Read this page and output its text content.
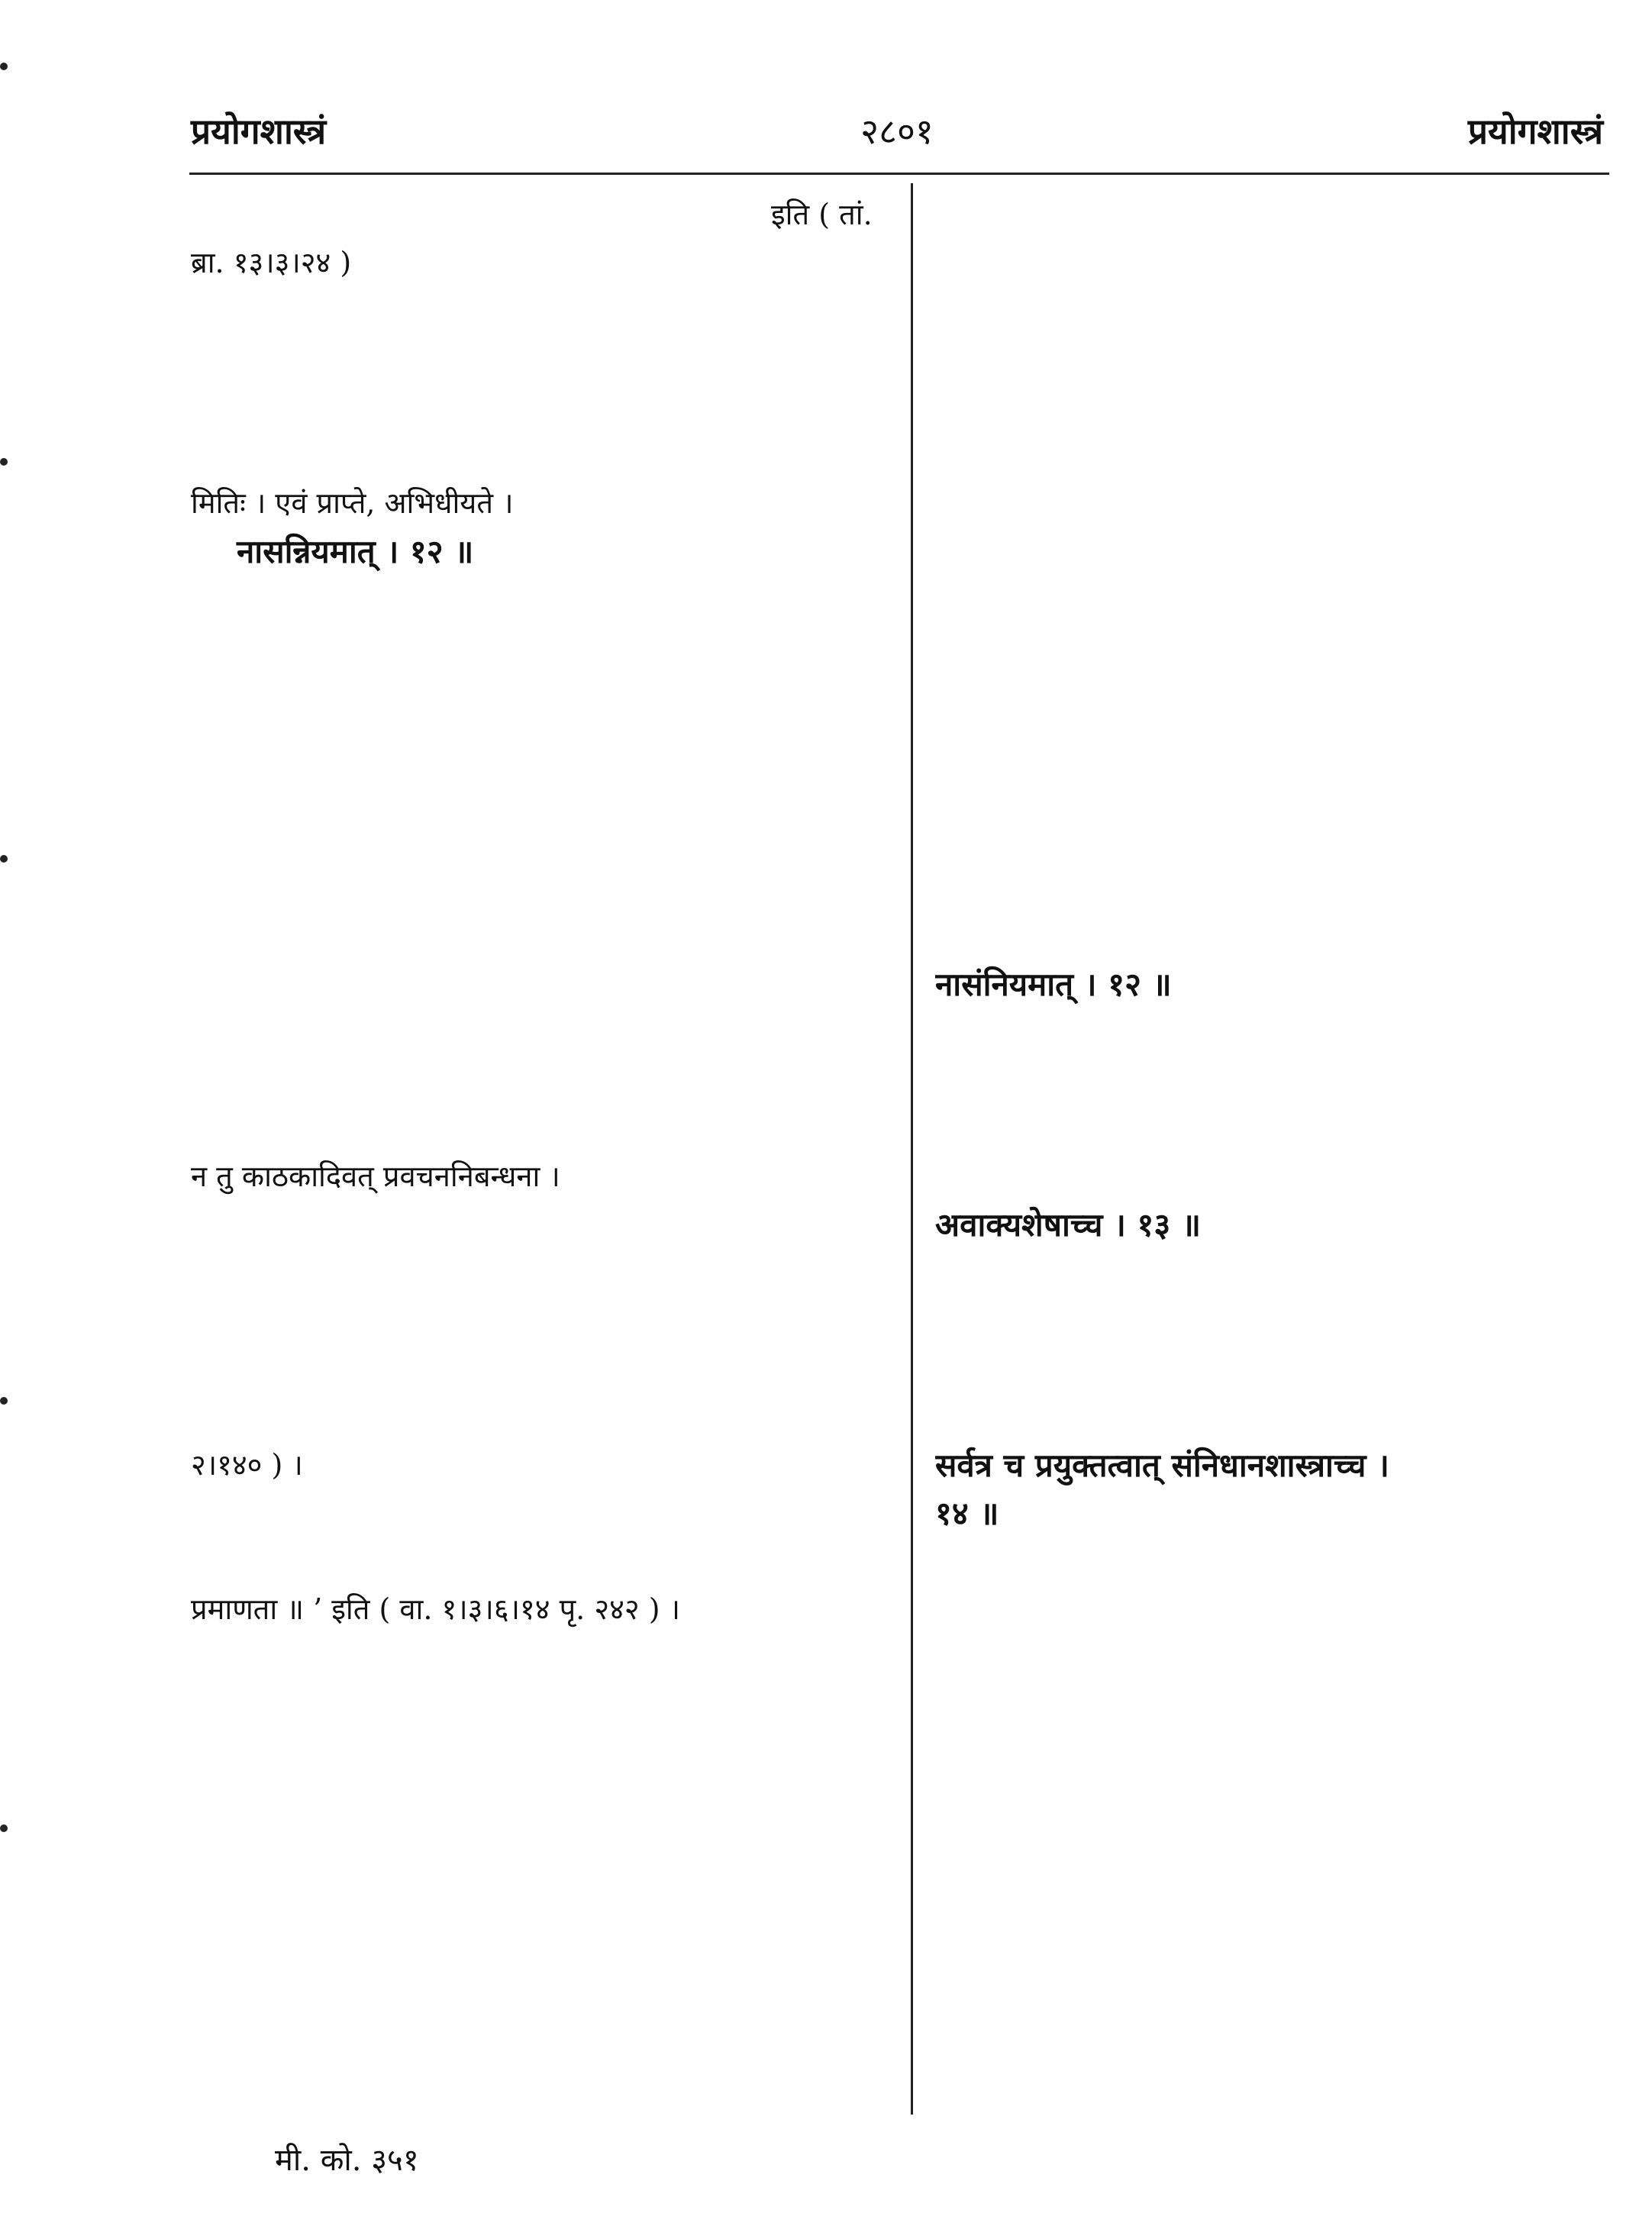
प्रयोगशास्त्रं	२८०१	प्रयोगशास्त्रं
इति ( तां.
ब्रा. १३।३।२४ )
मितिः । एवं प्राप्ते, अभिधीयते ।
नासन्नियमात् । १२ ॥
न तु काठकादिवत् प्रवचननिबन्धना ।
२।१४० ) ।
प्रमाणता ॥ ’ इति ( वा. १।३।६।१४ पृ. २४२ ) ।
नासंनियमात् । १२ ॥
अवाक्यशेषाच्च । १३ ॥
सर्वत्र च प्रयुक्तत्वात् संनिधानशास्त्राच्च ।
१४ ॥
मी. को. ३५१
